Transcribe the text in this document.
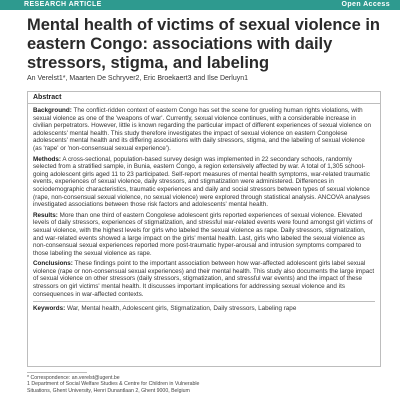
RESEARCH ARTICLE	Open Access
Mental health of victims of sexual violence in eastern Congo: associations with daily stressors, stigma, and labeling
An Verelst1*, Maarten De Schryver2, Eric Broekaert3 and Ilse Derluyn1
Abstract

Background: The conflict-ridden context of eastern Congo has set the scene for grueling human rights violations, with sexual violence as one of the 'weapons of war'. Currently, sexual violence continues, with a considerable increase in civilian perpetrators. However, little is known regarding the particular impact of different experiences of sexual violence on adolescents' mental health. This study therefore investigates the impact of sexual violence on eastern Congolese adolescents' mental health and its differing associations with daily stressors, stigma, and the labeling of sexual violence (as 'rape' or 'non-consensual sexual experience').

Methods: A cross-sectional, population-based survey design was implemented in 22 secondary schools, randomly selected from a stratified sample, in Bunia, eastern Congo, a region extensively affected by war. A total of 1,305 school-going adolescent girls aged 11 to 23 participated. Self-report measures of mental health symptoms, war-related traumatic events, experiences of sexual violence, daily stressors, and stigmatization were administered. Differences in sociodemographic characteristics, traumatic experiences and daily and social stressors between types of sexual violence (rape, non-consensual sexual violence, no sexual violence) were explored through statistical analysis. ANCOVA analyses investigated associations between those risk factors and adolescents' mental health.

Results: More than one third of eastern Congolese adolescent girls reported experiences of sexual violence. Elevated levels of daily stressors, experiences of stigmatization, and stressful war-related events were found amongst girl victims of sexual violence, with the highest levels for girls who labeled the sexual violence as rape. Daily stressors, stigmatization, and war-related events showed a large impact on the girls' mental health. Last, girls who labeled the sexual violence as non-consensual sexual experiences reported more post-traumatic hyper-arousal and intrusion symptoms compared to those labeling the sexual violence as rape.

Conclusions: These findings point to the important association between how war-affected adolescent girls label sexual violence (rape or non-consensual sexual experiences) and their mental health. This study also documents the large impact of sexual violence on other stressors (daily stressors, stigmatization, and stressful war events) and the impact of these stressors on girl victims' mental health. It discusses important implications for addressing sexual violence and its consequences in war-affected contexts.

Keywords: War, Mental health, Adolescent girls, Stigmatization, Daily stressors, Labeling rape

* Correspondence: an.verelst@ugent.be

1 Department of Social Welfare Studies & Centre for Children in Vulnerable

Situations, Ghent University, Henri Dunantlaan 2, Ghent 9000, Belgium
